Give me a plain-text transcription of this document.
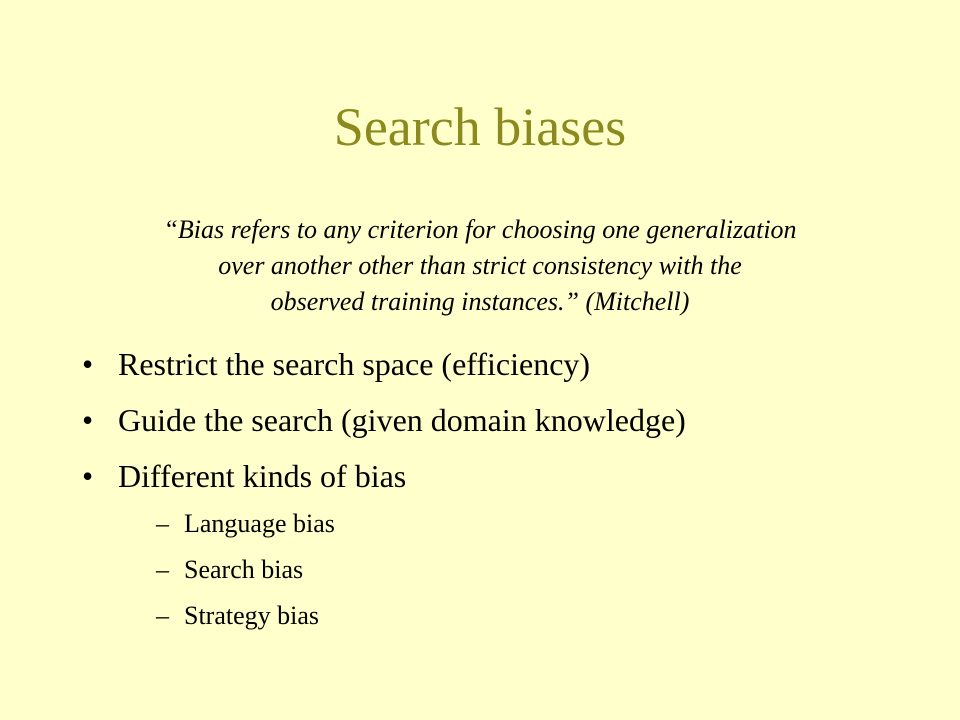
Search biases
“Bias refers to any criterion for choosing one generalization
over another other than strict consistency with the
observed training instances.” (Mitchell)
• Restrict the search space (efficiency)
• Guide the search (given domain knowledge)
• Different kinds of bias
– Language bias
– Search bias
– Strategy bias
